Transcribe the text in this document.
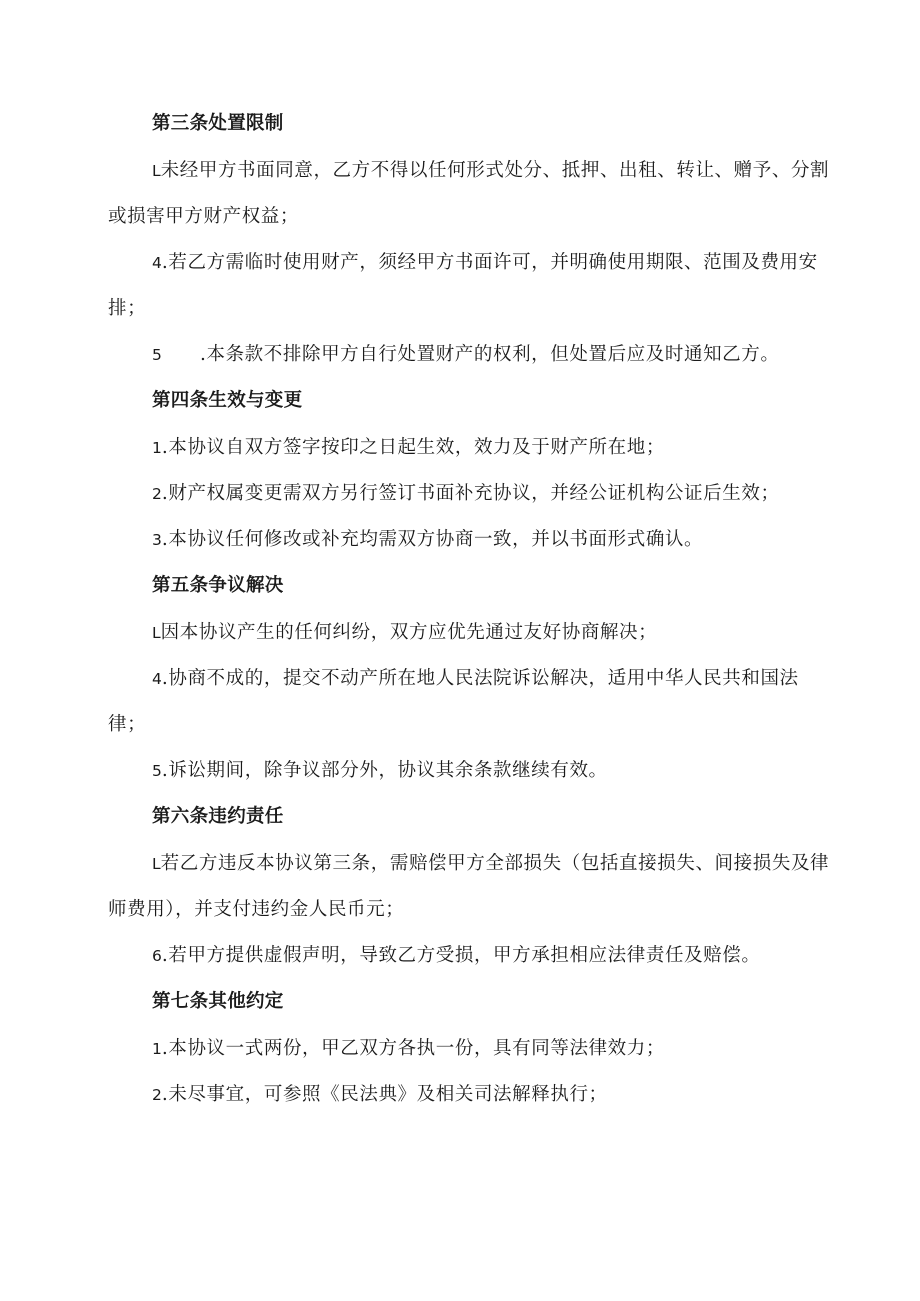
第三条处置限制
L未经甲方书面同意，乙方不得以任何形式处分、抵押、出租、转让、赠予、分割
或损害甲方财产权益；
4.若乙方需临时使用财产，须经甲方书面许可，并明确使用期限、范围及费用安
排；
5 .本条款不排除甲方自行处置财产的权利，但处置后应及时通知乙方。
第四条生效与变更
1.本协议自双方签字按印之日起生效，效力及于财产所在地；
2.财产权属变更需双方另行签订书面补充协议，并经公证机构公证后生效；
3.本协议任何修改或补充均需双方协商一致，并以书面形式确认。
第五条争议解决
L因本协议产生的任何纠纷，双方应优先通过友好协商解决；
4.协商不成的，提交不动产所在地人民法院诉讼解决，适用中华人民共和国法
律；
5.诉讼期间，除争议部分外，协议其余条款继续有效。
第六条违约责任
L若乙方违反本协议第三条，需赔偿甲方全部损失（包括直接损失、间接损失及律
师费用），并支付违约金人民币元；
6.若甲方提供虚假声明，导致乙方受损，甲方承担相应法律责任及赔偿。
第七条其他约定
1.本协议一式两份，甲乙双方各执一份，具有同等法律效力；
2.未尽事宜，可参照《民法典》及相关司法解释执行；
